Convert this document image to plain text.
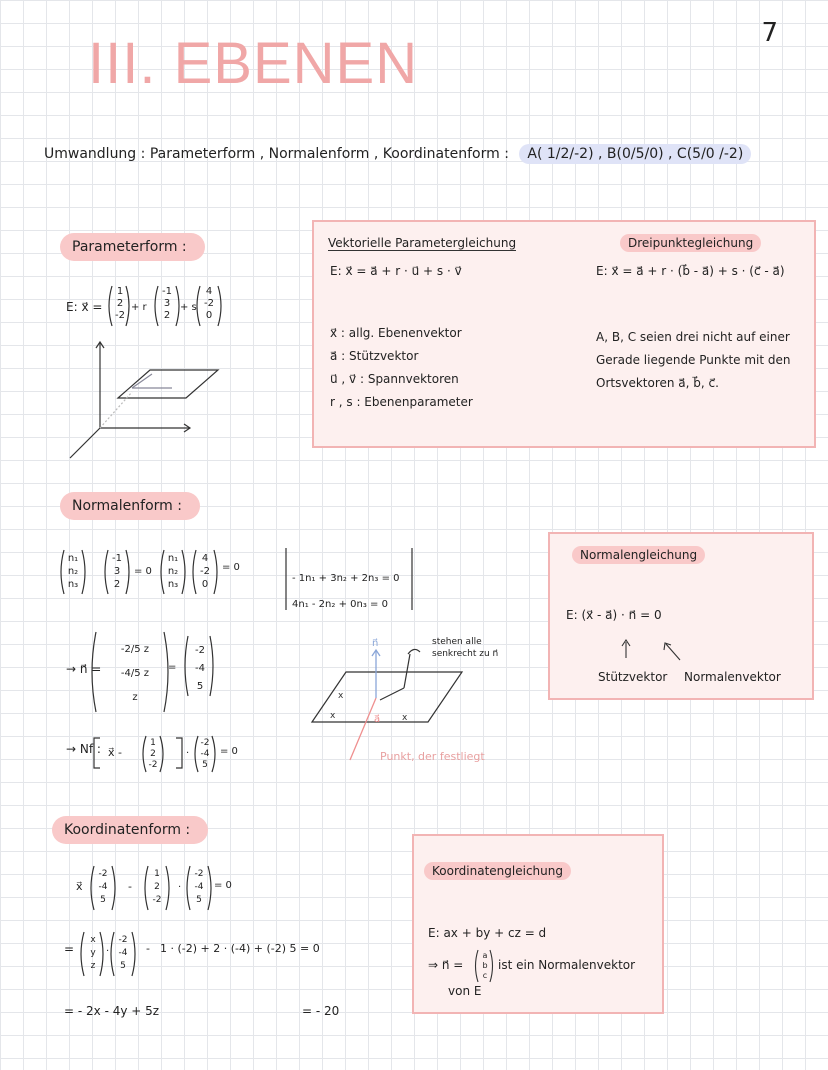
7
III. EBENEN
Umwandlung : Parameterform , Normalenform , Koordinatenform : A( 1/2/-2) , B(0/5/0) , C(5/0 /-2)
Parameterform :
E: x⃗ =
1
2
-2
+ r
-1
3
2
+ s
4
-2
0
Vektorielle Parametergleichung
E: x⃗ = a⃗ + r · u⃗ + s · v⃗
x⃗ : allg. Ebenenvektor
a⃗ : Stützvektor
u⃗ , v⃗ : Spannvektoren
r , s : Ebenenparameter
Dreipunktegleichung
E: x⃗ = a⃗ + r · (b⃗ - a⃗) + s · (c⃗ - a⃗)
A, B, C seien drei nicht auf einer
Gerade liegende Punkte mit den
Ortsvektoren a⃗, b⃗, c⃗.
Normalenform :
n₁
n₂
n₃
-1
3
2
= 0
n₁
n₂
n₃
4
-2
0
= 0
- 1n₁ + 3n₂ + 2n₃ = 0
4n₁ - 2n₂ + 0n₃ = 0
→ n⃗ =
-2/5 z
-4/5 z
z
=
-2
-4
5
→ Nf : x⃗ -
1
2
-2
·
-2
-4
5
= 0
n⃗
a⃗
x
x	x
stehen alle senkrecht zu n⃗
Punkt, der festliegt
Normalengleichung
E: (x⃗ - a⃗) · n⃗ = 0
Stützvektor Normalenvektor
Koordinatenform :
x⃗
-2
-4
5
-
1
2
-2
·
-2
-4
5
= 0
=
x
y
z
·
-2
-4
5
- 1 · (-2) + 2 · (-4) + (-2) 5 = 0
= - 2x - 4y + 5z	= - 20
Koordinatengleichung
E: ax + by + cz = d
⇒ n⃗ =
a
b
c
ist ein Normalenvektor
von E
